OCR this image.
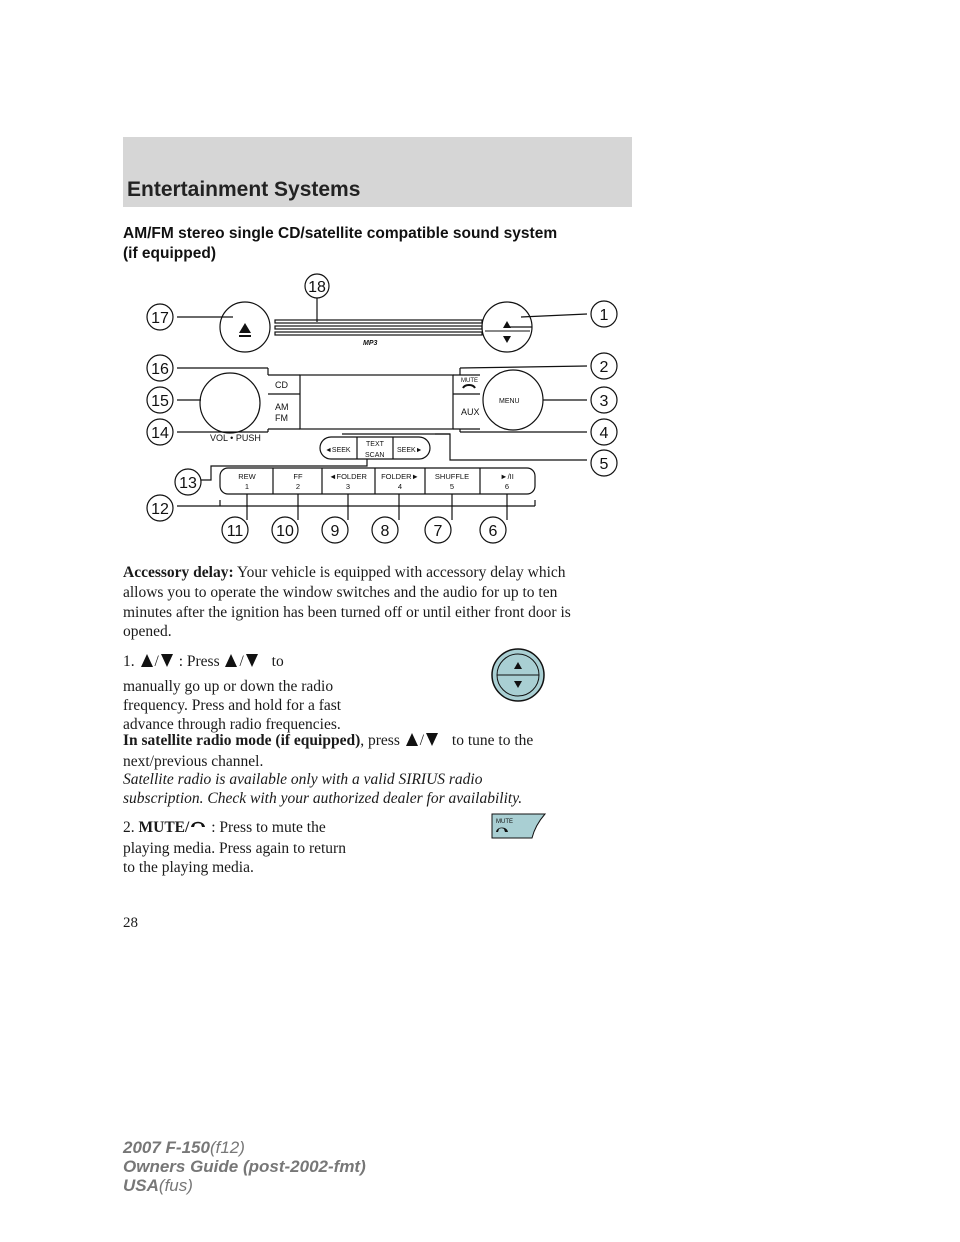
Entertainment Systems
AM/FM stereo single CD/satellite compatible sound system
(if equipped)
CD
AM
FM
VOL • PUSH
MUTE
AUX
MENU
MP3
◄SEEK
TEXT
SCAN
SEEK►
REW
1
FF
2
◄FOLDER
3
FOLDER►
4
SHUFFLE
5
►/II
6
18
17	1
16	2
15	3
14	4
5
13
12
11 10 9	8	7	6
Accessory delay: Your vehicle is equipped with accessory delay which
allows you to operate the window switches and the audio for up to ten
minutes after the ignition has been turned off or until either front door is
opened.
1. / : Press / to
manually go up or down the radio
frequency. Press and hold for a fast
advance through radio frequencies.
In satellite radio mode (if equipped), press / to tune to the
next/previous channel.
Satellite radio is available only with a valid SIRIUS radio
subscription. Check with your authorized dealer for availability.
2. MUTE/ : Press to mute the
playing media. Press again to return
to the playing media.
MUTE
28
2007 F-150(f12)
Owners Guide (post-2002-fmt)
USA(fus)
